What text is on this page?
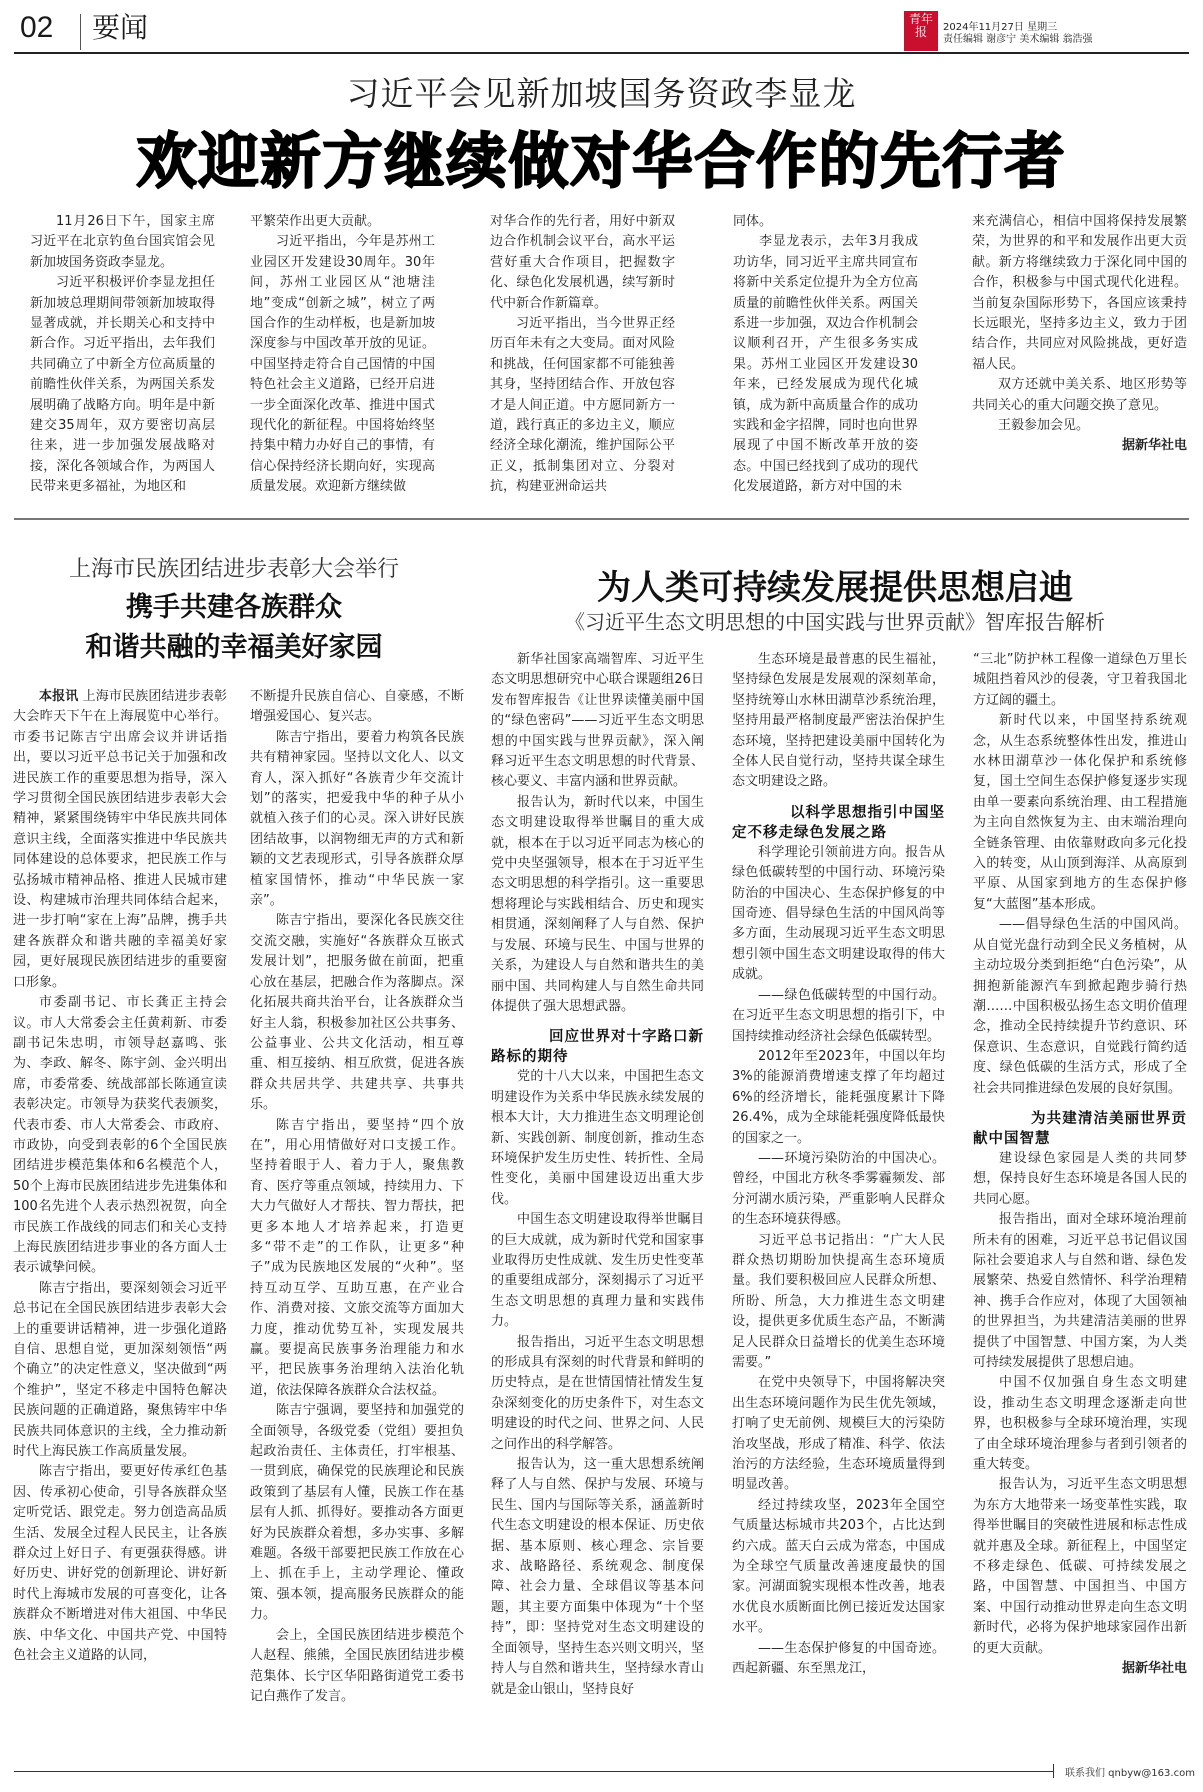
02 要闻	青年报	2024年11月27日 星期三
责任编辑 谢彦宁 美术编辑 翁浩强
习近平会见新加坡国务资政李显龙
欢迎新方继续做对华合作的先行者

11月26日下午，国家主席习近平在北京钓鱼台国宾馆会见新加坡国务资政李显龙。

习近平积极评价李显龙担任新加坡总理期间带领新加坡取得显著成就，并长期关心和支持中新合作。习近平指出，去年我们共同确立了中新全方位高质量的前瞻性伙伴关系，为两国关系发展明确了战略方向。明年是中新建交35周年，双方要密切高层往来，进一步加强发展战略对接，深化各领域合作，为两国人民带来更多福祉，为地区和

平繁荣作出更大贡献。

习近平指出，今年是苏州工业园区开发建设30周年。30年间，苏州工业园区从“池塘洼地”变成“创新之城”，树立了两国合作的生动样板，也是新加坡深度参与中国改革开放的见证。中国坚持走符合自己国情的中国特色社会主义道路，已经开启进一步全面深化改革、推进中国式现代化的新征程。中国将始终坚持集中精力办好自己的事情，有信心保持经济长期向好，实现高质量发展。欢迎新方继续做

对华合作的先行者，用好中新双边合作机制会议平台，高水平运营好重大合作项目，把握数字化、绿色化发展机遇，续写新时代中新合作新篇章。

习近平指出，当今世界正经历百年未有之大变局。面对风险和挑战，任何国家都不可能独善其身，坚持团结合作、开放包容才是人间正道。中方愿同新方一道，践行真正的多边主义，顺应经济全球化潮流，维护国际公平正义，抵制集团对立、分裂对抗，构建亚洲命运共

同体。

李显龙表示，去年3月我成功访华，同习近平主席共同宣布将新中关系定位提升为全方位高质量的前瞻性伙伴关系。两国关系进一步加强，双边合作机制会议顺利召开，产生很多务实成果。苏州工业园区开发建设30年来，已经发展成为现代化城镇，成为新中高质量合作的成功实践和金字招牌，同时也向世界展现了中国不断改革开放的姿态。中国已经找到了成功的现代化发展道路，新方对中国的未

来充满信心，相信中国将保持发展繁荣，为世界的和平和发展作出更大贡献。新方将继续致力于深化同中国的合作，积极参与中国式现代化进程。当前复杂国际形势下，各国应该秉持长远眼光，坚持多边主义，致力于团结合作，共同应对风险挑战，更好造福人民。

双方还就中美关系、地区形势等共同关心的重大问题交换了意见。

王毅参加会见。

据新华社电

上海市民族团结进步表彰大会举行
携手共建各族群众
和谐共融的幸福美好家园

本报讯 上海市民族团结进步表彰大会昨天下午在上海展览中心举行。市委书记陈吉宁出席会议并讲话指出，要以习近平总书记关于加强和改进民族工作的重要思想为指导，深入学习贯彻全国民族团结进步表彰大会精神，紧紧围绕铸牢中华民族共同体意识主线，全面落实推进中华民族共同体建设的总体要求，把民族工作与弘扬城市精神品格、推进人民城市建设、构建城市治理共同体结合起来，进一步打响“家在上海”品牌，携手共建各族群众和谐共融的幸福美好家园，更好展现民族团结进步的重要窗口形象。

市委副书记、市长龚正主持会议。市人大常委会主任黄莉新、市委副书记朱忠明，市领导赵嘉鸣、张为、李政、解冬、陈宇剑、金兴明出席，市委常委、统战部部长陈通宣读表彰决定。市领导为获奖代表颁奖，代表市委、市人大常委会、市政府、市政协，向受到表彰的6个全国民族团结进步模范集体和6名模范个人，50个上海市民族团结进步先进集体和100名先进个人表示热烈祝贺，向全市民族工作战线的同志们和关心支持上海民族团结进步事业的各方面人士表示诚挚问候。

陈吉宁指出，要深刻领会习近平总书记在全国民族团结进步表彰大会上的重要讲话精神，进一步强化道路自信、思想自觉，更加深刻领悟“两个确立”的决定性意义，坚决做到“两个维护”，坚定不移走中国特色解决民族问题的正确道路，聚焦铸牢中华民族共同体意识的主线，全力推动新时代上海民族工作高质量发展。

陈吉宁指出，要更好传承红色基因、传承初心使命，引导各族群众坚定听党话、跟党走。努力创造高品质生活、发展全过程人民民主，让各族群众过上好日子、有更强获得感。讲好历史、讲好党的创新理论、讲好新时代上海城市发展的可喜变化，让各族群众不断增进对伟大祖国、中华民族、中华文化、中国共产党、中国特色社会主义道路的认同，

不断提升民族自信心、自豪感，不断增强爱国心、复兴志。

陈吉宁指出，要着力构筑各民族共有精神家园。坚持以文化人、以文育人，深入抓好“各族青少年交流计划”的落实，把爱我中华的种子从小就植入孩子们的心灵。深入讲好民族团结故事，以润物细无声的方式和新颖的文艺表现形式，引导各族群众厚植家国情怀，推动“中华民族一家亲”。

陈吉宁指出，要深化各民族交往交流交融，实施好“各族群众互嵌式发展计划”，把服务做在前面，把重心放在基层，把融合作为落脚点。深化拓展共商共治平台，让各族群众当好主人翁，积极参加社区公共事务、公益事业、公共文化活动，相互尊重、相互接纳、相互欣赏，促进各族群众共居共学、共建共享、共事共乐。

陈吉宁指出，要坚持“四个放在”，用心用情做好对口支援工作。坚持着眼于人、着力于人，聚焦教育、医疗等重点领域，持续用力、下大力气做好人才帮扶、智力帮扶，把更多本地人才培养起来，打造更多“带不走”的工作队，让更多“种子”成为民族地区发展的“火种”。坚持互动互学、互助互惠，在产业合作、消费对接、文旅交流等方面加大力度，推动优势互补，实现发展共赢。要提高民族事务治理能力和水平，把民族事务治理纳入法治化轨道，依法保障各族群众合法权益。

陈吉宁强调，要坚持和加强党的全面领导，各级党委（党组）要担负起政治责任、主体责任，打牢根基、一贯到底，确保党的民族理论和民族政策到了基层有人懂，民族工作在基层有人抓、抓得好。要推动各方面更好为民族群众着想，多办实事、多解难题。各级干部要把民族工作放在心上、抓在手上，主动学理论、懂政策、强本领，提高服务民族群众的能力。

会上，全国民族团结进步模范个人赵程、熊熊，全国民族团结进步模范集体、长宁区华阳路街道党工委书记白燕作了发言。

为人类可持续发展提供思想启迪
《习近平生态文明思想的中国实践与世界贡献》智库报告解析

新华社国家高端智库、习近平生态文明思想研究中心联合课题组26日发布智库报告《让世界读懂美丽中国的“绿色密码”——习近平生态文明思想的中国实践与世界贡献》，深入阐释习近平生态文明思想的时代背景、核心要义、丰富内涵和世界贡献。

报告认为，新时代以来，中国生态文明建设取得举世瞩目的重大成就，根本在于以习近平同志为核心的党中央坚强领导，根本在于习近平生态文明思想的科学指引。这一重要思想将理论与实践相结合、历史和现实相贯通，深刻阐释了人与自然、保护与发展、环境与民生、中国与世界的关系，为建设人与自然和谐共生的美丽中国、共同构建人与自然生命共同体提供了强大思想武器。

回应世界对十字路口新路标的期待

党的十八大以来，中国把生态文明建设作为关系中华民族永续发展的根本大计，大力推进生态文明理论创新、实践创新、制度创新，推动生态环境保护发生历史性、转折性、全局性变化，美丽中国建设迈出重大步伐。

中国生态文明建设取得举世瞩目的巨大成就，成为新时代党和国家事业取得历史性成就、发生历史性变革的重要组成部分，深刻揭示了习近平生态文明思想的真理力量和实践伟力。

报告指出，习近平生态文明思想的形成具有深刻的时代背景和鲜明的历史特点，是在世情国情社情发生复杂深刻变化的历史条件下，对生态文明建设的时代之问、世界之问、人民之问作出的科学解答。

报告认为，这一重大思想系统阐释了人与自然、保护与发展、环境与民生、国内与国际等关系，涵盖新时代生态文明建设的根本保证、历史依据、基本原则、核心理念、宗旨要求、战略路径、系统观念、制度保障、社会力量、全球倡议等基本问题，其主要方面集中体现为“十个坚持”，即：坚持党对生态文明建设的全面领导，坚持生态兴则文明兴，坚持人与自然和谐共生，坚持绿水青山就是金山银山，坚持良好

生态环境是最普惠的民生福祉，坚持绿色发展是发展观的深刻革命，坚持统筹山水林田湖草沙系统治理，坚持用最严格制度最严密法治保护生态环境，坚持把建设美丽中国转化为全体人民自觉行动，坚持共谋全球生态文明建设之路。

以科学思想指引中国坚定不移走绿色发展之路

科学理论引领前进方向。报告从绿色低碳转型的中国行动、环境污染防治的中国决心、生态保护修复的中国奇迹、倡导绿色生活的中国风尚等多方面，生动展现习近平生态文明思想引领中国生态文明建设取得的伟大成就。

——绿色低碳转型的中国行动。在习近平生态文明思想的指引下，中国持续推动经济社会绿色低碳转型。

2012年至2023年，中国以年均3%的能源消费增速支撑了年均超过6%的经济增长，能耗强度累计下降26.4%，成为全球能耗强度降低最快的国家之一。

——环境污染防治的中国决心。曾经，中国北方秋冬季雾霾频发、部分河湖水质污染，严重影响人民群众的生态环境获得感。

习近平总书记指出：“广大人民群众热切期盼加快提高生态环境质量。我们要积极回应人民群众所想、所盼、所急，大力推进生态文明建设，提供更多优质生态产品，不断满足人民群众日益增长的优美生态环境需要。”

在党中央领导下，中国将解决突出生态环境问题作为民生优先领域，打响了史无前例、规模巨大的污染防治攻坚战，形成了精准、科学、依法治污的方法经验，生态环境质量得到明显改善。

经过持续攻坚，2023年全国空气质量达标城市共203个，占比达到约六成。蓝天白云成为常态，中国成为全球空气质量改善速度最快的国家。河湖面貌实现根本性改善，地表水优良水质断面比例已接近发达国家水平。

——生态保护修复的中国奇迹。西起新疆、东至黑龙江，

“三北”防护林工程像一道绿色万里长城阻挡着风沙的侵袭，守卫着我国北方辽阔的疆土。

新时代以来，中国坚持系统观念，从生态系统整体性出发，推进山水林田湖草沙一体化保护和系统修复，国土空间生态保护修复逐步实现由单一要素向系统治理、由工程措施为主向自然恢复为主、由末端治理向全链条管理、由依靠财政向多元化投入的转变，从山顶到海洋、从高原到平原、从国家到地方的生态保护修复“大蓝图”基本形成。

——倡导绿色生活的中国风尚。从自觉光盘行动到全民义务植树，从主动垃圾分类到拒绝“白色污染”，从拥抱新能源汽车到掀起跑步骑行热潮……中国积极弘扬生态文明价值理念，推动全民持续提升节约意识、环保意识、生态意识，自觉践行简约适度、绿色低碳的生活方式，形成了全社会共同推进绿色发展的良好氛围。

为共建清洁美丽世界贡献中国智慧

建设绿色家园是人类的共同梦想，保持良好生态环境是各国人民的共同心愿。

报告指出，面对全球环境治理前所未有的困难，习近平总书记倡议国际社会要追求人与自然和谐、绿色发展繁荣、热爱自然情怀、科学治理精神、携手合作应对，体现了大国领袖的世界担当，为共建清洁美丽的世界提供了中国智慧、中国方案，为人类可持续发展提供了思想启迪。

中国不仅加强自身生态文明建设，推动生态文明理念逐渐走向世界，也积极参与全球环境治理，实现了由全球环境治理参与者到引领者的重大转变。

报告认为，习近平生态文明思想为东方大地带来一场变革性实践，取得举世瞩目的突破性进展和标志性成就并惠及全球。新征程上，中国坚定不移走绿色、低碳、可持续发展之路，中国智慧、中国担当、中国方案、中国行动推动世界走向生态文明新时代，必将为保护地球家园作出新的更大贡献。

据新华社电

联系我们 qnbyw@163.com
